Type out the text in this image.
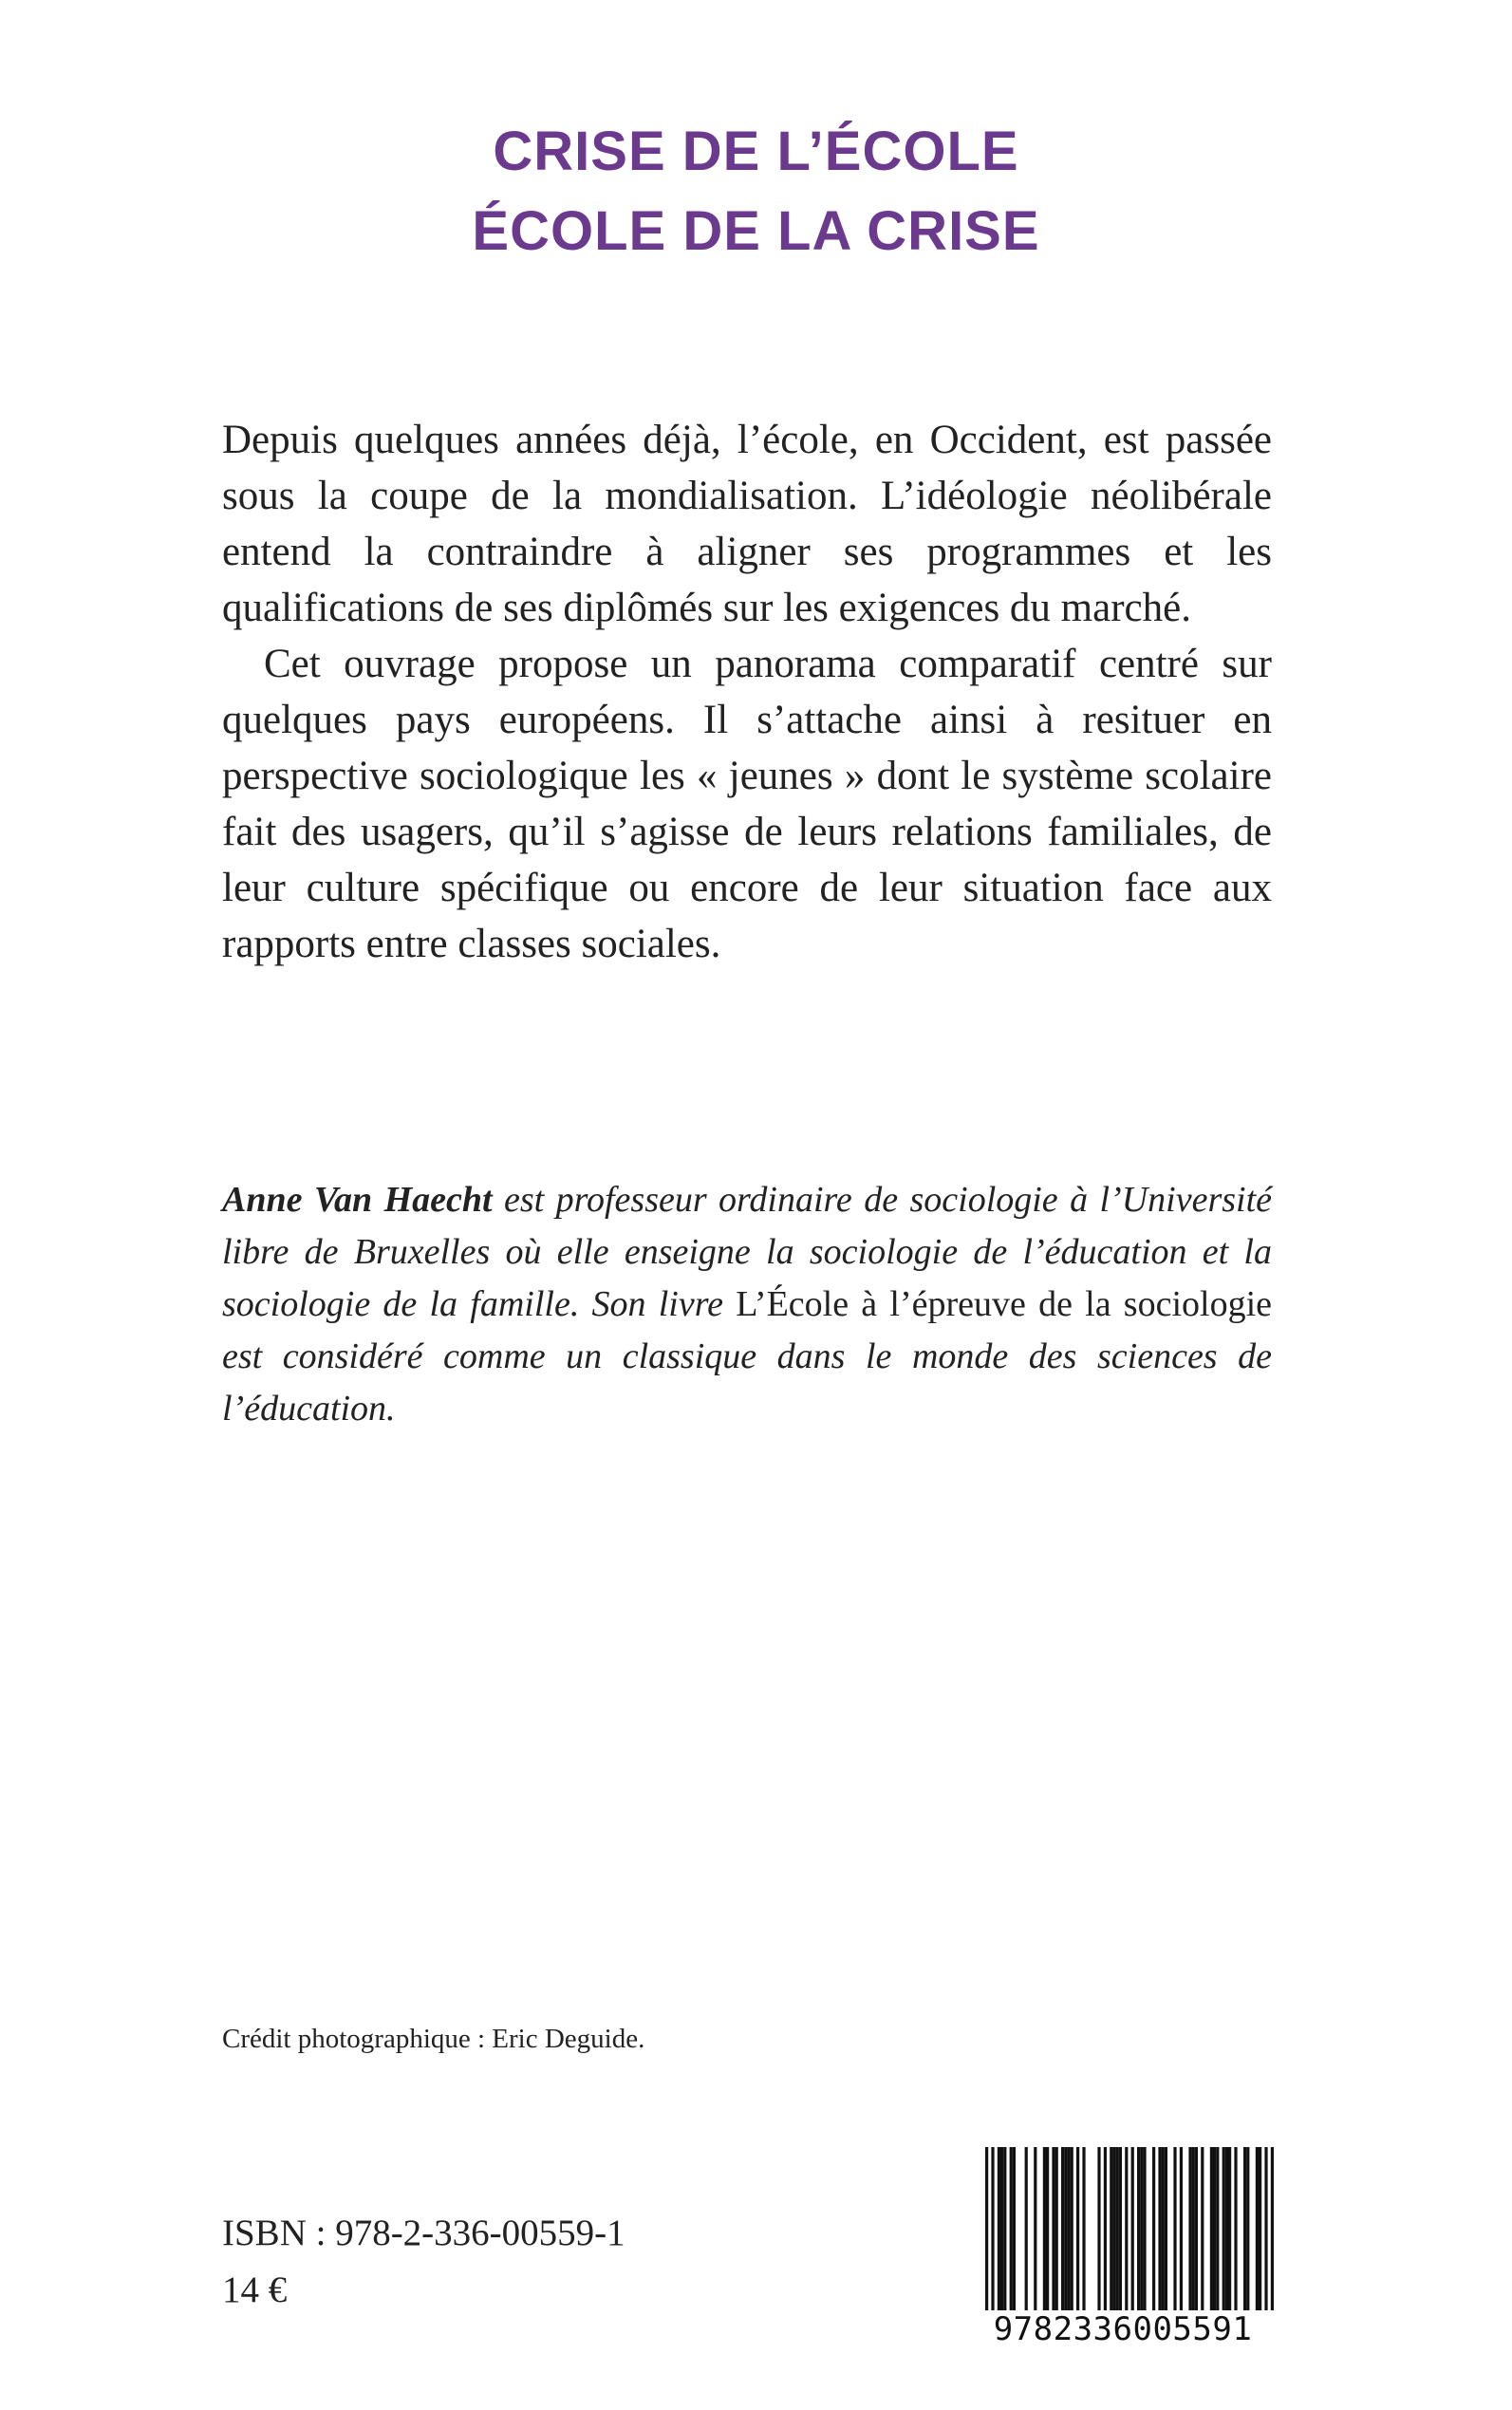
CRISE DE L’ÉCOLE
ÉCOLE DE LA CRISE

Depuis quelques années déjà, l’école, en Occident, est passée sous la coupe de la mondialisation. L’idéologie néolibérale entend la contraindre à aligner ses programmes et les qualifications de ses diplômés sur les exigences du marché.

Cet ouvrage propose un panorama comparatif centré sur quelques pays européens. Il s’attache ainsi à resituer en perspective sociologique les « jeunes » dont le système scolaire fait des usagers, qu’il s’agisse de leurs relations familiales, de leur culture spécifique ou encore de leur situation face aux rapports entre classes sociales.

Anne Van Haecht est professeur ordinaire de sociologie à l’Université libre de Bruxelles où elle enseigne la sociologie de l’éducation et la sociologie de la famille. Son livre L’École à l’épreuve de la sociologie est considéré comme un classique dans le monde des sciences de l’éducation.

Crédit photographique : Eric Deguide.
ISBN : 978-2-336-00559-1
14 €
9782336005591
